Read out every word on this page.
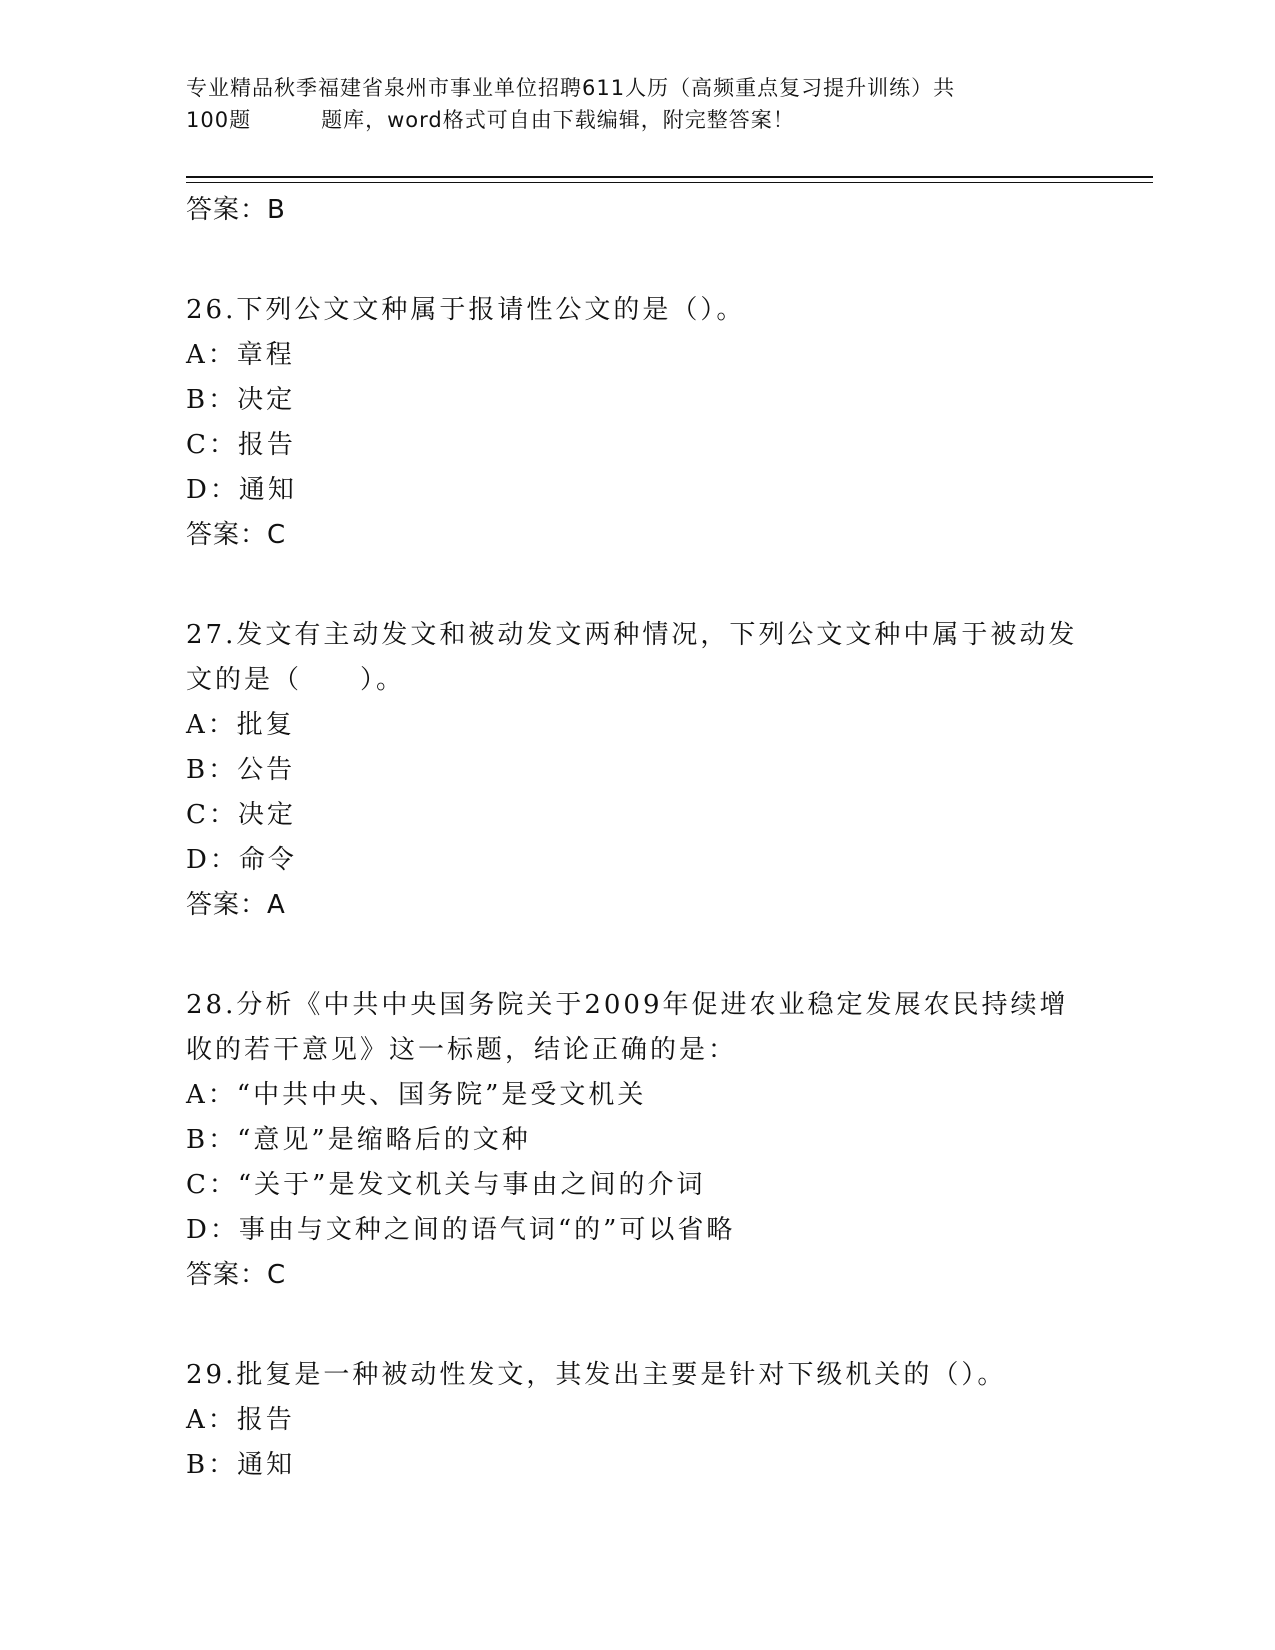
专业精品秋季福建省泉州市事业单位招聘611人历（高频重点复习提升训练）共
100题	题库，word格式可自由下载编辑，附完整答案！
答案：B
26.下列公文文种属于报请性公文的是（）。
A：章程
B：决定
C：报告
D：通知
答案：C
27.发文有主动发文和被动发文两种情况，下列公文文种中属于被动发文的是（　　）。
A：批复
B：公告
C：决定
D：命令
答案：A
28.分析《中共中央国务院关于2009年促进农业稳定发展农民持续增收的若干意见》这一标题，结论正确的是：
A：“中共中央、国务院”是受文机关
B：“意见”是缩略后的文种
C：“关于”是发文机关与事由之间的介词
D：事由与文种之间的语气词“的”可以省略
答案：C
29.批复是一种被动性发文，其发出主要是针对下级机关的（）。
A：报告
B：通知
